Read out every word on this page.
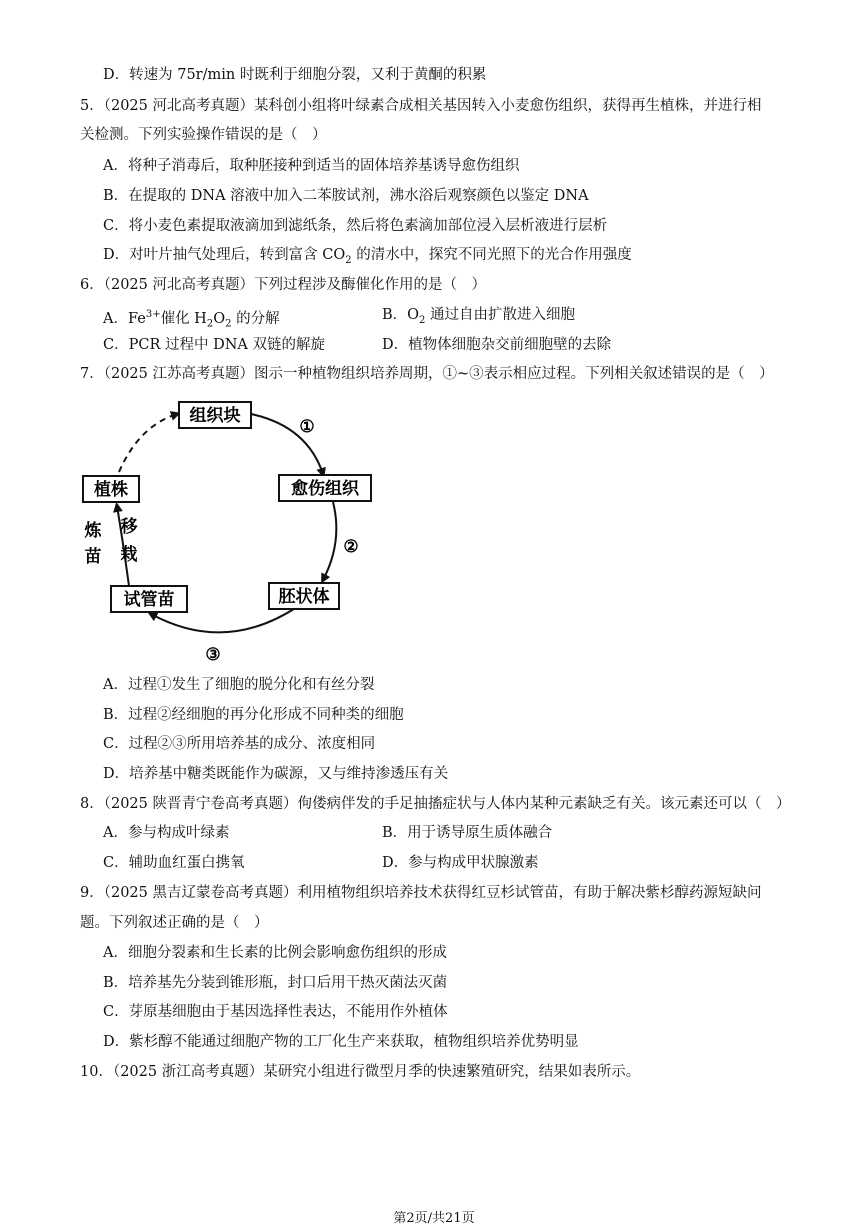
D．转速为 75r/min 时既利于细胞分裂，又利于黄酮的积累
5．（2025 河北高考真题）某科创小组将叶绿素合成相关基因转入小麦愈伤组织，获得再生植株，并进行相
关检测。下列实验操作错误的是（　）
A．将种子消毒后，取种胚接种到适当的固体培养基诱导愈伤组织
B．在提取的 DNA 溶液中加入二苯胺试剂，沸水浴后观察颜色以鉴定 DNA
C．将小麦色素提取液滴加到滤纸条，然后将色素滴加部位浸入层析液进行层析
D．对叶片抽气处理后，转到富含 $CO_2$ 的清水中，探究不同光照下的光合作用强度
6．（2025 河北高考真题）下列过程涉及酶催化作用的是（　）
A．$Fe^{3+}$催化 $H_2O_2$ 的分解	B．$O_2$ 通过自由扩散进入细胞
C．PCR 过程中 DNA 双链的解旋	D．植物体细胞杂交前细胞壁的去除
7．（2025 江苏高考真题）图示一种植物组织培养周期，①~③表示相应过程。下列相关叙述错误的是（　）
组织块
愈伤组织
胚状体
试管苗
植株
①
②
③
炼
苗
移
栽
A．过程①发生了细胞的脱分化和有丝分裂
B．过程②经细胞的再分化形成不同种类的细胞
C．过程②③所用培养基的成分、浓度相同
D．培养基中糖类既能作为碳源，又与维持渗透压有关
8．（2025 陕晋青宁卷高考真题）佝偻病伴发的手足抽搐症状与人体内某种元素缺乏有关。该元素还可以（　）
A．参与构成叶绿素	B．用于诱导原生质体融合
C．辅助血红蛋白携氧	D．参与构成甲状腺激素
9．（2025 黑吉辽蒙卷高考真题）利用植物组织培养技术获得红豆杉试管苗，有助于解决紫杉醇药源短缺问
题。下列叙述正确的是（　）
A．细胞分裂素和生长素的比例会影响愈伤组织的形成
B．培养基先分装到锥形瓶，封口后用干热灭菌法灭菌
C．芽原基细胞由于基因选择性表达，不能用作外植体
D．紫杉醇不能通过细胞产物的工厂化生产来获取，植物组织培养优势明显
10．（2025 浙江高考真题）某研究小组进行微型月季的快速繁殖研究，结果如表所示。
第2页/共21页
